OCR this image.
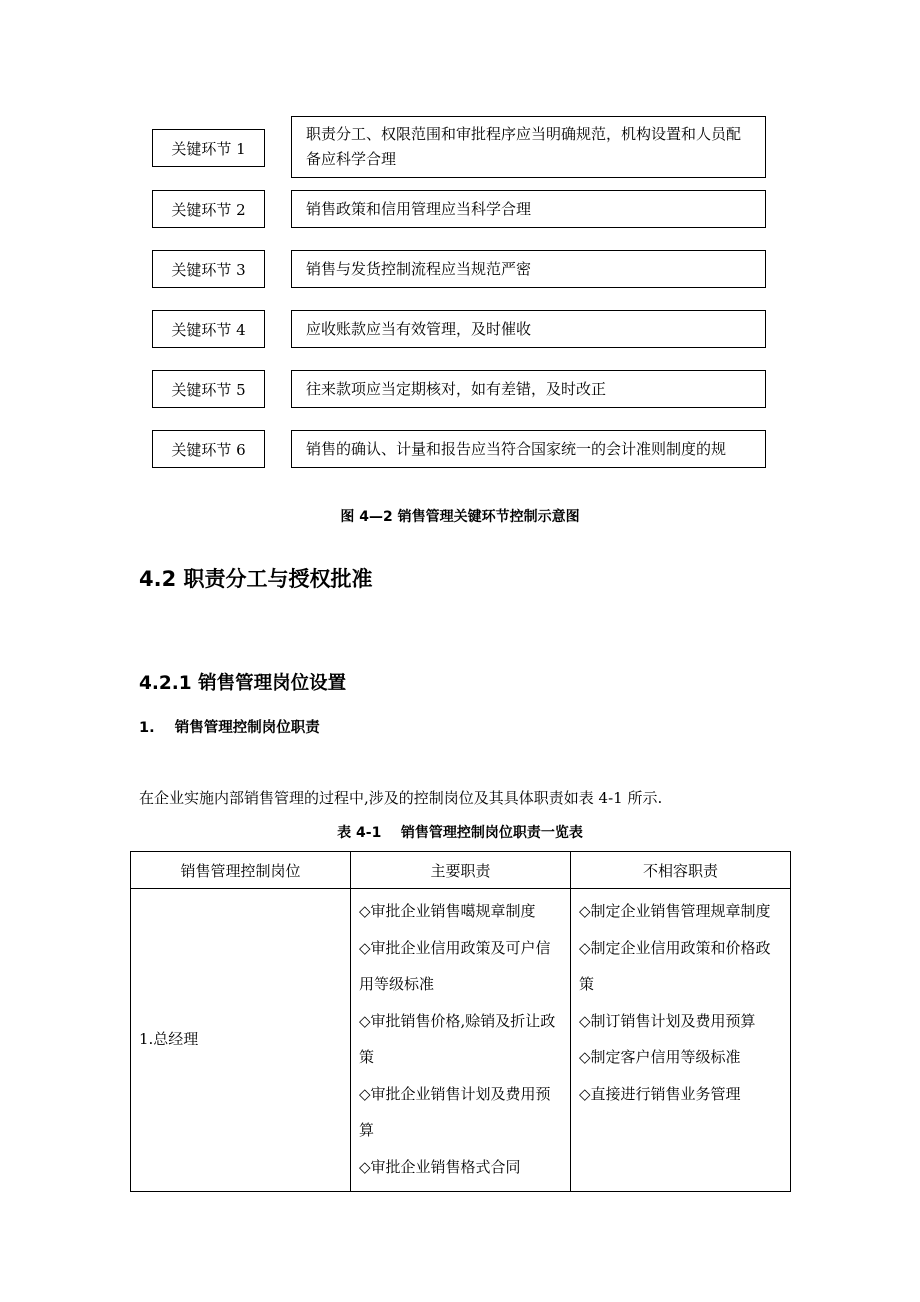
关键环节 1
职责分工、权限范围和审批程序应当明确规范，机构设置和人员配备应科学合理
关键环节 2	销售政策和信用管理应当科学合理
关键环节 3	销售与发货控制流程应当规范严密
关键环节 4	应收账款应当有效管理，及时催收
关键环节 5	往来款项应当定期核对，如有差错，及时改正
关键环节 6	销售的确认、计量和报告应当符合国家统一的会计准则制度的规
图 4—2 销售管理关键环节控制示意图
4.2 职责分工与授权批准
4.2.1 销售管理岗位设置
1.    销售管理控制岗位职责
在企业实施内部销售管理的过程中,涉及的控制岗位及其具体职责如表 4-1 所示.
表 4-1    销售管理控制岗位职责一览表
销售管理控制岗位	主要职责	不相容职责
1.总经理	◇审批企业销售噶规章制度
◇审批企业信用政策及可户信用等级标准
◇审批销售价格,赊销及折让政策
◇审批企业销售计划及费用预算
◇审批企业销售格式合同	◇制定企业销售管理规章制度
◇制定企业信用政策和价格政策
◇制订销售计划及费用预算
◇制定客户信用等级标准
◇直接进行销售业务管理
